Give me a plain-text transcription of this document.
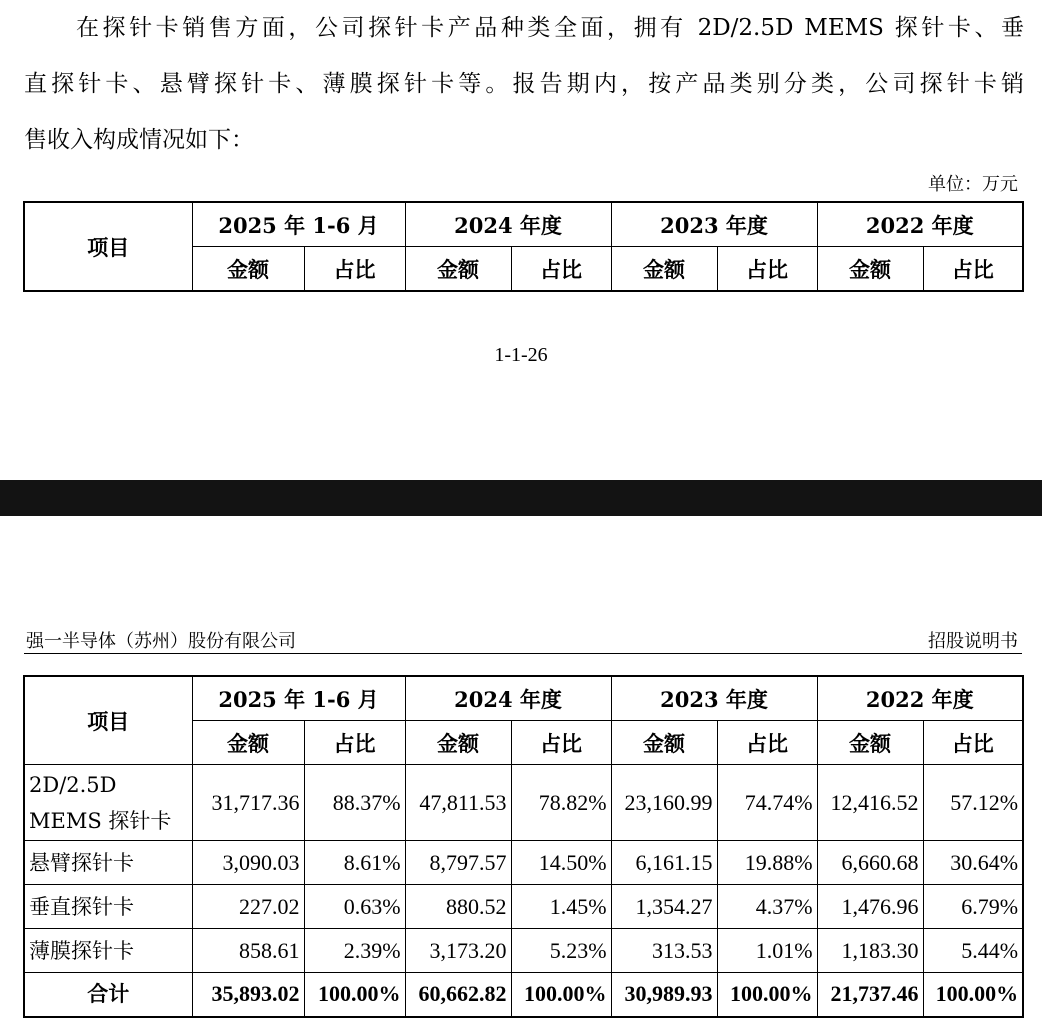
在探针卡销售方面，公司探针卡产品种类全面，拥有 2D/2.5D MEMS 探针卡、垂
直探针卡、悬臂探针卡、薄膜探针卡等。报告期内，按产品类别分类，公司探针卡销
售收入构成情况如下：
单位：万元
项目	2025 年 1-6 月		2024 年度		2023 年度		2022 年度	
	金额	占比	金额	占比	金额	占比	金额	占比
1-1-26
强一半导体（苏州）股份有限公司	招股说明书
项目	2025 年 1-6 月		2024 年度		2023 年度		2022 年度	
	金额	占比	金额	占比	金额	占比	金额	占比
2D/2.5D MEMS 探针卡	31,717.36	88.37%	47,811.53	78.82%	23,160.99	74.74%	12,416.52	57.12%
悬臂探针卡	3,090.03	8.61%	8,797.57	14.50%	6,161.15	19.88%	6,660.68	30.64%
垂直探针卡	227.02	0.63%	880.52	1.45%	1,354.27	4.37%	1,476.96	6.79%
薄膜探针卡	858.61	2.39%	3,173.20	5.23%	313.53	1.01%	1,183.30	5.44%
合计	35,893.02	100.00%	60,662.82	100.00%	30,989.93	100.00%	21,737.46	100.00%
